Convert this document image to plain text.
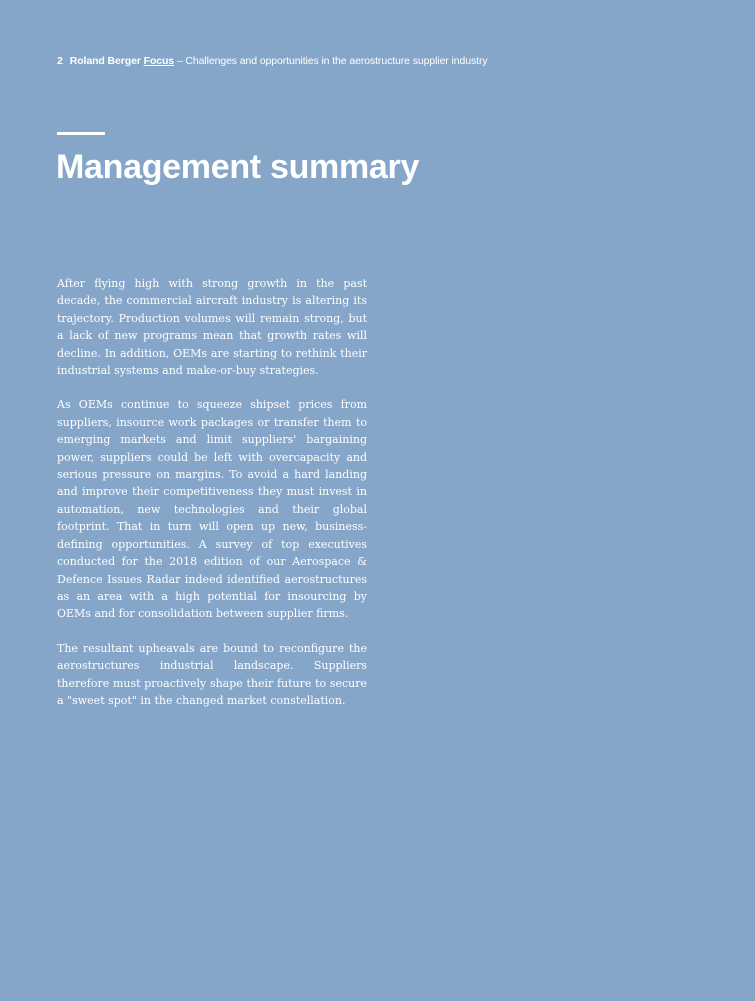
2 Roland Berger Focus – Challenges and opportunities in the aerostructure supplier industry
Management summary

After flying high with strong growth in the past decade, the commercial aircraft industry is altering its trajectory. Production volumes will remain strong, but a lack of new programs mean that growth rates will decline. In addition, OEMs are starting to rethink their industrial systems and make-or-buy strategies.

As OEMs continue to squeeze shipset prices from suppliers, insource work packages or transfer them to emerging markets and limit suppliers' bargaining power, suppliers could be left with overcapacity and serious pressure on margins. To avoid a hard landing and improve their competitiveness they must invest in automation, new technologies and their global footprint. That in turn will open up new, business-defining opportunities. A survey of top executives conducted for the 2018 edition of our Aerospace & Defence Issues Radar indeed identified aerostructures as an area with a high potential for insourcing by OEMs and for consolidation between supplier firms.

The resultant upheavals are bound to reconfigure the aerostructures industrial landscape. Suppliers therefore must proactively shape their future to secure a "sweet spot" in the changed market constellation.
